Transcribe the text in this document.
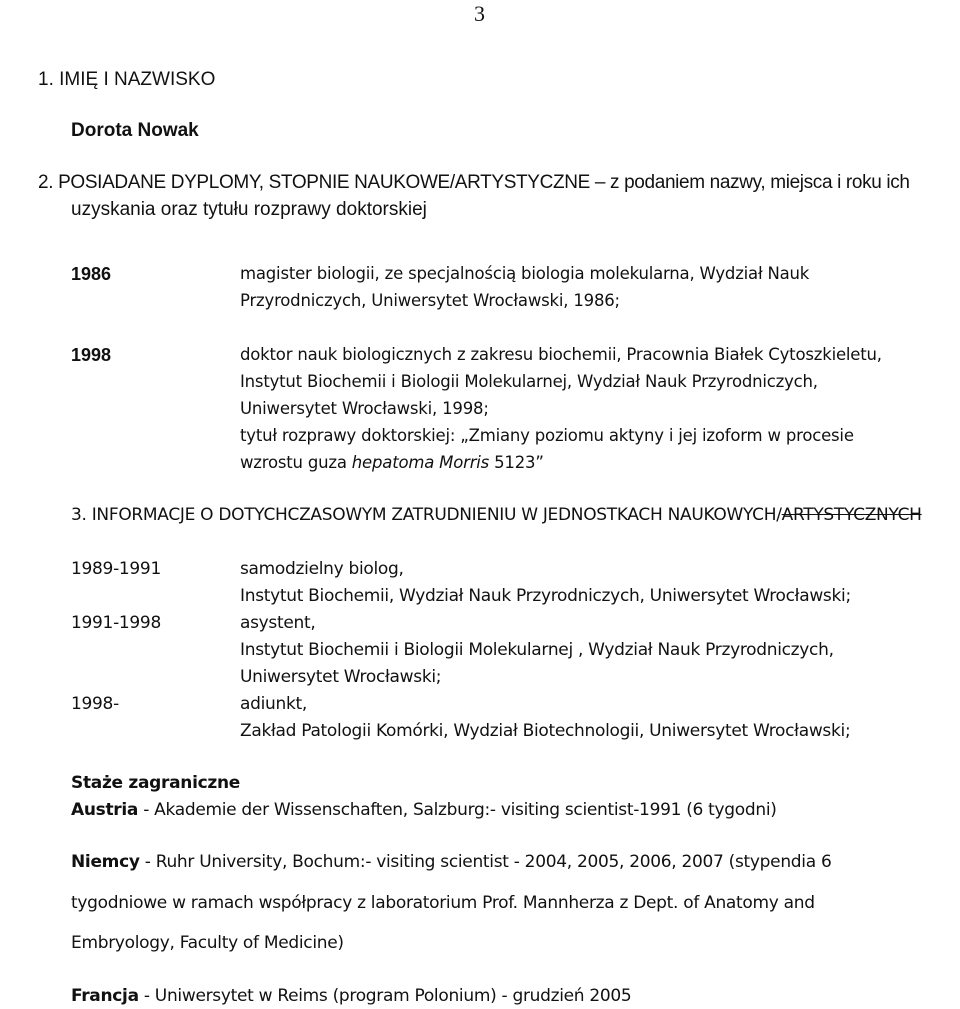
3
1. IMIĘ I NAZWISKO
Dorota Nowak
2. POSIADANE DYPLOMY, STOPNIE NAUKOWE/ARTYSTYCZNE – z podaniem nazwy, miejsca i roku ich
uzyskania oraz tytułu rozprawy doktorskiej
1986	magister biologii, ze specjalnością biologia molekularna, Wydział Nauk
Przyrodniczych, Uniwersytet Wrocławski, 1986;
1998	doktor nauk biologicznych z zakresu biochemii, Pracownia Białek Cytoszkieletu,
Instytut Biochemii i Biologii Molekularnej, Wydział Nauk Przyrodniczych,
Uniwersytet Wrocławski, 1998;
tytuł rozprawy doktorskiej: „Zmiany poziomu aktyny i jej izoform w procesie
wzrostu guza hepatoma Morris 5123”
3. INFORMACJE O DOTYCHCZASOWYM ZATRUDNIENIU W JEDNOSTKACH NAUKOWYCH/ARTYSTYCZNYCH
1989-1991	samodzielny biolog,
Instytut Biochemii, Wydział Nauk Przyrodniczych, Uniwersytet Wrocławski;
1991-1998	asystent,
Instytut Biochemii i Biologii Molekularnej , Wydział Nauk Przyrodniczych,
Uniwersytet Wrocławski;
1998-	adiunkt,
Zakład Patologii Komórki, Wydział Biotechnologii, Uniwersytet Wrocławski;
Staże zagraniczne
Austria - Akademie der Wissenschaften, Salzburg:- visiting scientist-1991 (6 tygodni)
Niemcy - Ruhr University, Bochum:- visiting scientist - 2004, 2005, 2006, 2007 (stypendia 6
tygodniowe w ramach współpracy z laboratorium Prof. Mannherza z Dept. of Anatomy and
Embryology, Faculty of Medicine)
Francja - Uniwersytet w Reims (program Polonium) - grudzień 2005
